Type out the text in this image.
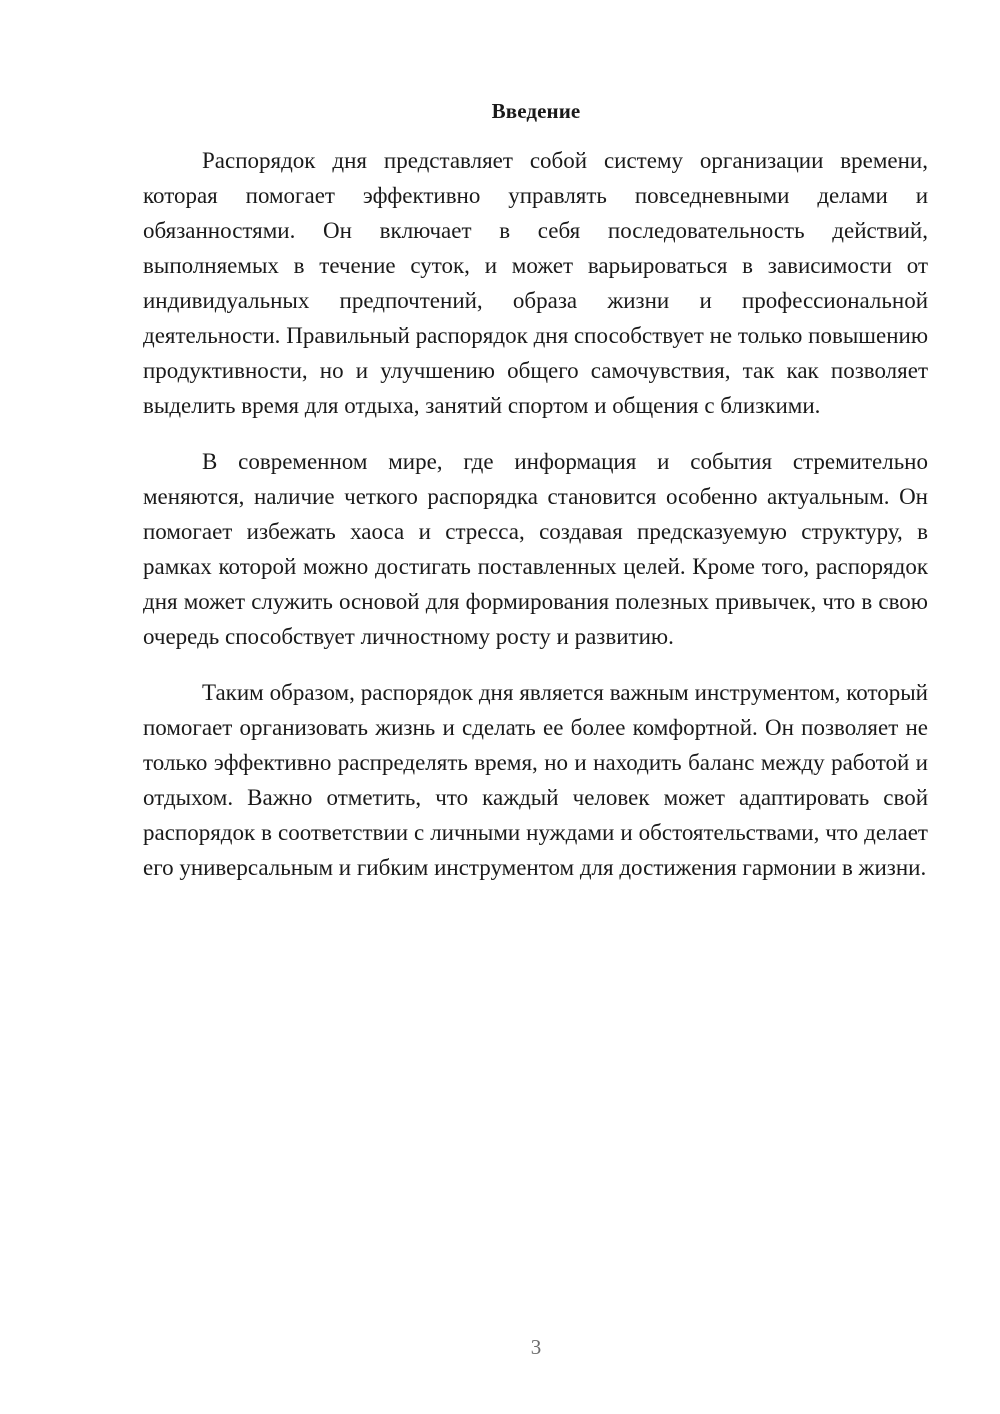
Введение

Распорядок дня представляет собой систему организации времени, которая помогает эффективно управлять повседневными делами и обязанностями. Он включает в себя последовательность действий, выполняемых в течение суток, и может варьироваться в зависимости от индивидуальных предпочтений, образа жизни и профессиональной деятельности. Правильный распорядок дня способствует не только повышению продуктивности, но и улучшению общего самочувствия, так как позволяет выделить время для отдыха, занятий спортом и общения с близкими.

В современном мире, где информация и события стремительно меняются, наличие четкого распорядка становится особенно актуальным. Он помогает избежать хаоса и стресса, создавая предсказуемую структуру, в рамках которой можно достигать поставленных целей. Кроме того, распорядок дня может служить основой для формирования полезных привычек, что в свою очередь способствует личностному росту и развитию.

Таким образом, распорядок дня является важным инструментом, который помогает организовать жизнь и сделать ее более комфортной. Он позволяет не только эффективно распределять время, но и находить баланс между работой и отдыхом. Важно отметить, что каждый человек может адаптировать свой распорядок в соответствии с личными нуждами и обстоятельствами, что делает его универсальным и гибким инструментом для достижения гармонии в жизни.

3
